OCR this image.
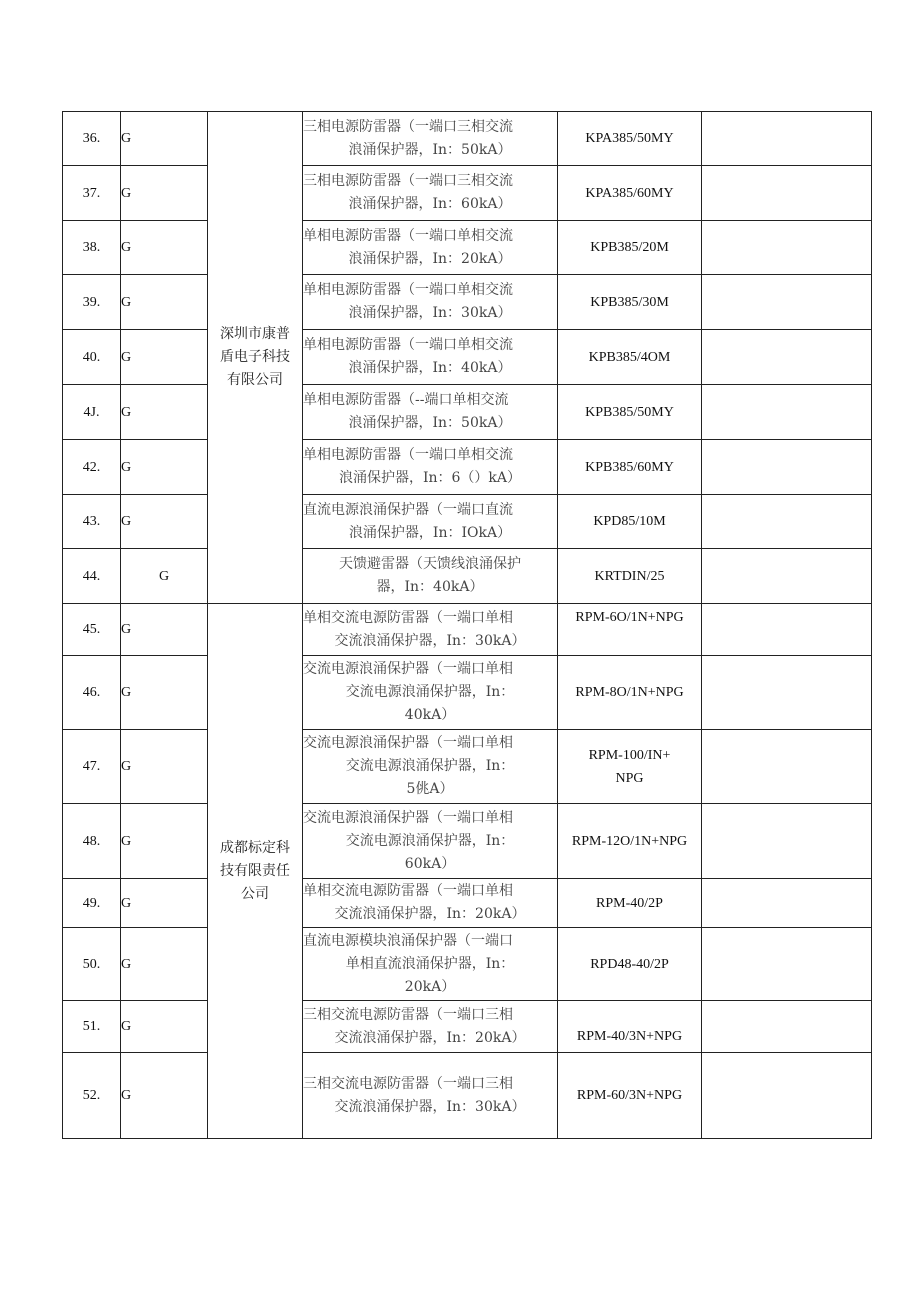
36.	G	深圳市康普
盾电子科技
有限公司	三相电源防雷器（一端口三相交流
浪涌保护器，In：50kA）	KPA385/50MY	
37.	G		三相电源防雷器（一端口三相交流
浪涌保护器，In：60kA）	KPA385/60MY	
38.	G		单相电源防雷器（一端口单相交流
浪涌保护器，In：20kA）	KPB385/20M	
39.	G		单相电源防雷器（一端口单相交流
浪涌保护器，In：30kA）	KPB385/30M	
40.	G		单相电源防雷器（一端口单相交流
浪涌保护器，In：40kA）	KPB385/4OM	
4J.	G		单相电源防雷器（--端口单相交流
浪涌保护器，In：50kA）	KPB385/50MY	
42.	G		单相电源防雷器（一端口单相交流
浪涌保护器，In：6（）kA）	KPB385/60MY	
43.	G		直流电源浪涌保护器（一端口直流
浪涌保护器，In：IOkA）	KPD85/10M	
44.	G		天馈避雷器（天馈线浪涌保护
器，In：40kA）	KRTDIN/25	
45.	G	成都标定科
技有限责任
公司	单相交流电源防雷器（一端口单相
交流浪涌保护器，In：30kA）	RPM-6O/1N+NPG	
46.	G		交流电源浪涌保护器（一端口单相
交流电源浪涌保护器，In：
40kA）	RPM-8O/1N+NPG	
47.	G		交流电源浪涌保护器（一端口单相
交流电源浪涌保护器，In：
5佻A）	RPM-100/IN+
NPG	
48.	G		交流电源浪涌保护器（一端口单相
交流电源浪涌保护器，In：
60kA）	RPM-12O/1N+NPG	
49.	G		单相交流电源防雷器（一端口单相
交流浪涌保护器，In：20kA）	RPM-40/2P	
50.	G		直流电源模块浪涌保护器（一端口
单相直流浪涌保护器，In：
20kA）	RPD48-40/2P	
51.	G		三相交流电源防雷器（一端口三相
交流浪涌保护器，In：20kA）	RPM-40/3N+NPG	
52.	G		三相交流电源防雷器（一端口三相
交流浪涌保护器，In：30kA）	RPM-60/3N+NPG	
